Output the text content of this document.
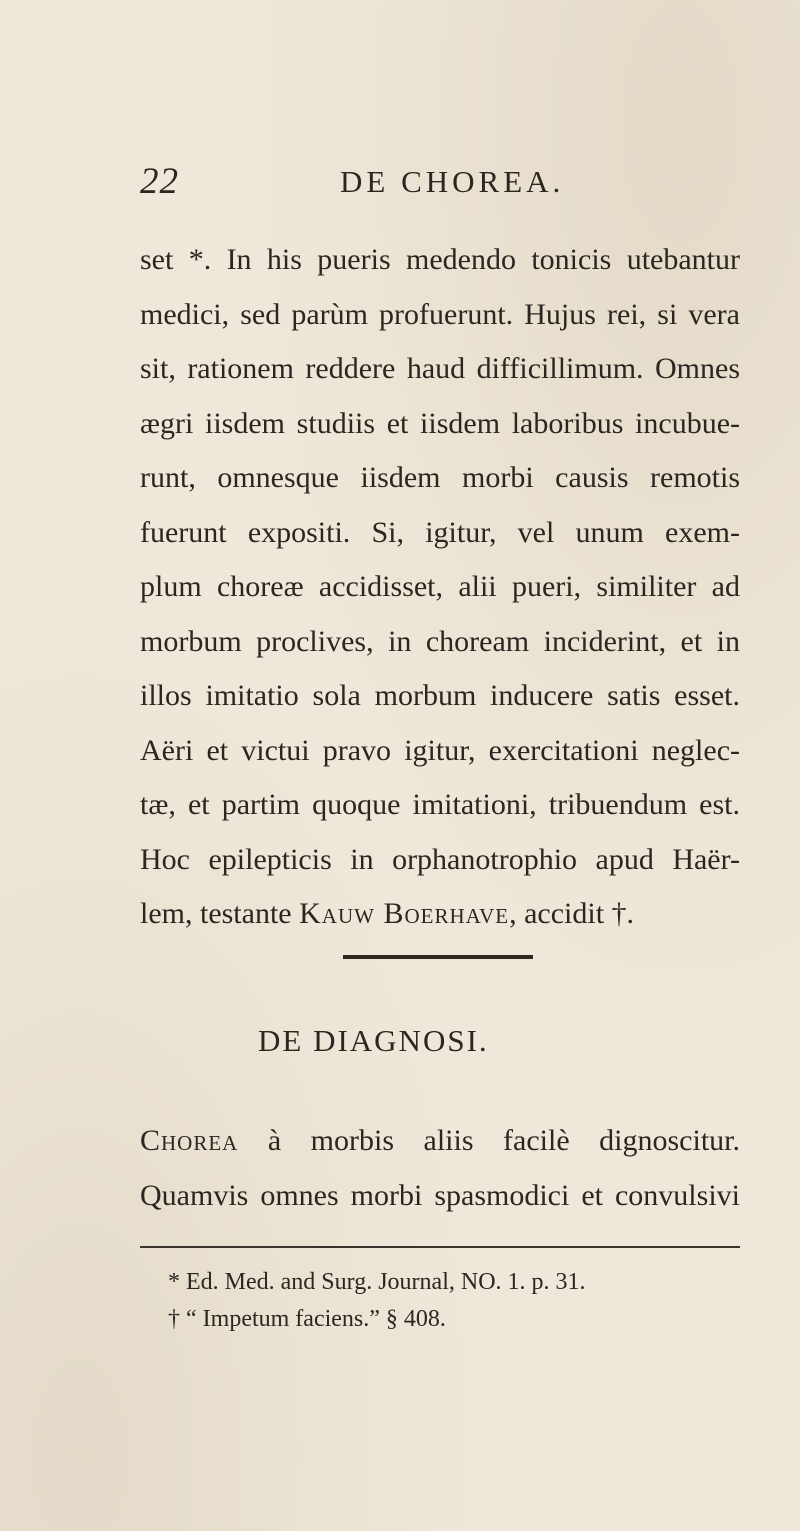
22	DE CHOREA.
set *. In his pueris medendo tonicis utebantur
medici, sed parùm profuerunt. Hujus rei, si vera
sit, rationem reddere haud difficillimum. Omnes
ægri iisdem studiis et iisdem laboribus incubue-
runt, omnesque iisdem morbi causis remotis
fuerunt expositi. Si, igitur, vel unum exem-
plum choreæ accidisset, alii pueri, similiter ad
morbum proclives, in choream inciderint, et in
illos imitatio sola morbum inducere satis esset.
Aëri et victui pravo igitur, exercitationi neglec-
tæ, et partim quoque imitationi, tribuendum est.
Hoc epilepticis in orphanotrophio apud Haër-
lem, testante Kauw Boerhave, accidit †.
DE DIAGNOSI.
Chorea à morbis aliis facilè dignoscitur.
Quamvis omnes morbi spasmodici et convulsivi
* Ed. Med. and Surg. Journal, NO. 1. p. 31.
† “ Impetum faciens.” § 408.
